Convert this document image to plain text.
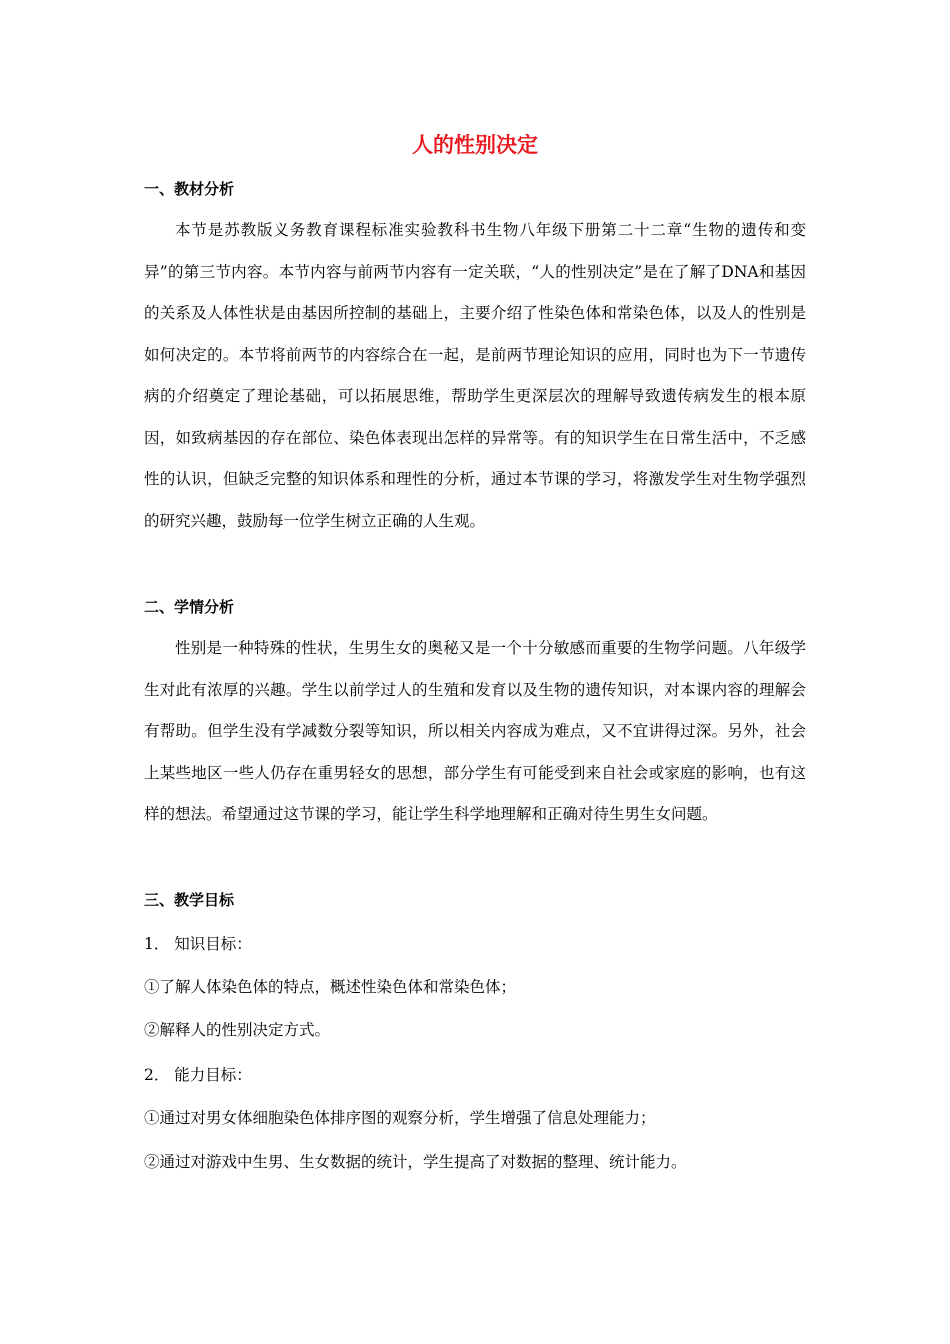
人的性别决定
一、教材分析

本节是苏教版义务教育课程标准实验教科书生物八年级下册第二十二章“生物的遗传和变异”的第三节内容。本节内容与前两节内容有一定关联，“人的性别决定”是在了解了DNA和基因的关系及人体性状是由基因所控制的基础上，主要介绍了性染色体和常染色体，以及人的性别是如何决定的。本节将前两节的内容综合在一起，是前两节理论知识的应用，同时也为下一节遗传病的介绍奠定了理论基础，可以拓展思维，帮助学生更深层次的理解导致遗传病发生的根本原因，如致病基因的存在部位、染色体表现出怎样的异常等。有的知识学生在日常生活中，不乏感性的认识，但缺乏完整的知识体系和理性的分析，通过本节课的学习，将激发学生对生物学强烈的研究兴趣，鼓励每一位学生树立正确的人生观。

二、学情分析

性别是一种特殊的性状，生男生女的奥秘又是一个十分敏感而重要的生物学问题。八年级学生对此有浓厚的兴趣。学生以前学过人的生殖和发育以及生物的遗传知识，对本课内容的理解会有帮助。但学生没有学减数分裂等知识，所以相关内容成为难点，又不宜讲得过深。另外，社会上某些地区一些人仍存在重男轻女的思想，部分学生有可能受到来自社会或家庭的影响，也有这样的想法。希望通过这节课的学习，能让学生科学地理解和正确对待生男生女问题。

三、教学目标
1． 知识目标：
①了解人体染色体的特点，概述性染色体和常染色体；
②解释人的性别决定方式。
2． 能力目标：
①通过对男女体细胞染色体排序图的观察分析，学生增强了信息处理能力；
②通过对游戏中生男、生女数据的统计，学生提高了对数据的整理、统计能力。
